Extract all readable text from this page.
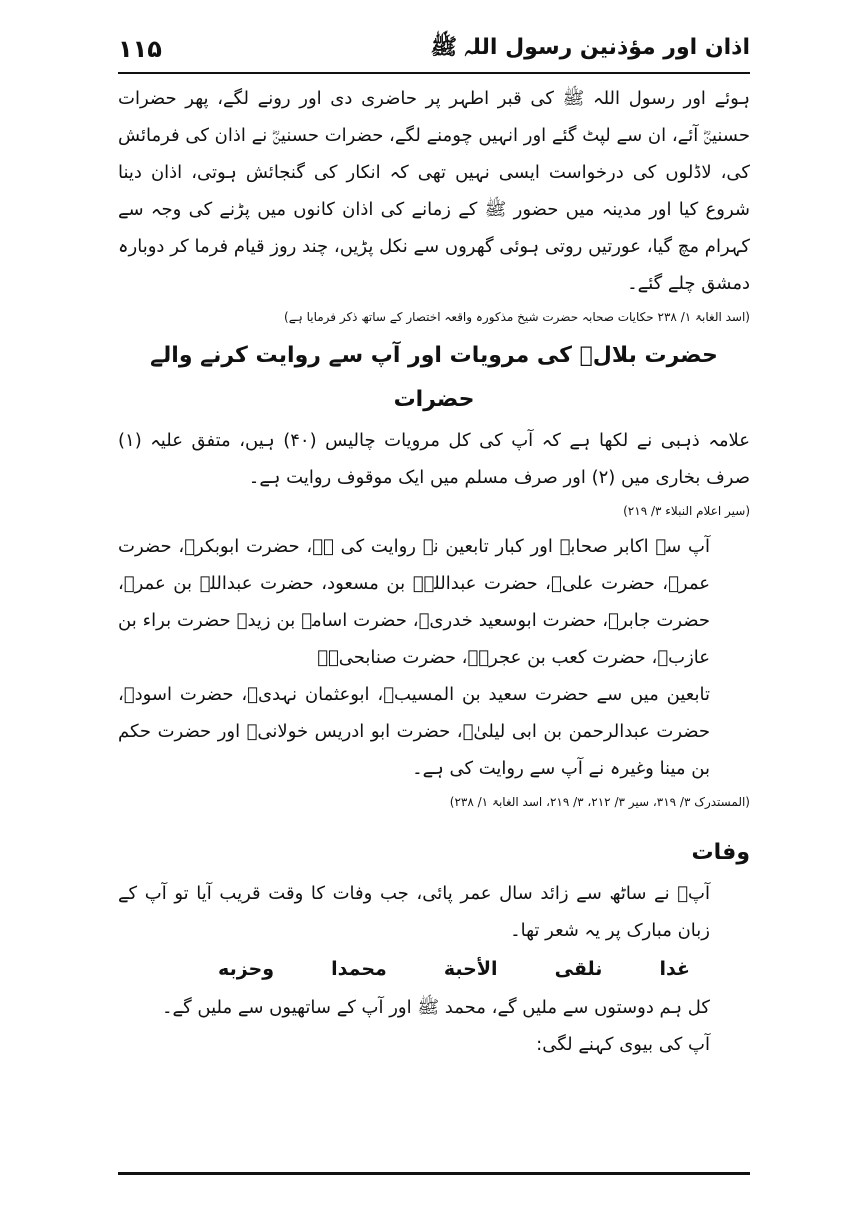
اذان اور مؤذنین رسول اللہ ﷺ
۱۱۵

ہوئے اور رسول اللہ ﷺ کی قبر اطہر پر حاضری دی اور رونے لگے، پھر حضرات حسنینؓ آئے، ان سے لپٹ گئے اور انہیں چومنے لگے، حضرات حسنینؓ نے اذان کی فرمائش کی، لاڈلوں کی درخواست ایسی نہیں تھی کہ انکار کی گنجائش ہوتی، اذان دینا شروع کیا اور مدینہ میں حضور ﷺ کے زمانے کی اذان کانوں میں پڑنے کی وجہ سے کہرام مچ گیا، عورتیں روتی ہوئی گھروں سے نکل پڑیں، چند روز قیام فرما کر دوبارہ دمشق چلے گئے۔

(اسد الغابۃ ۱/ ۲۳۸ حکایات صحابہ حضرت شیخ مذکورہ واقعہ اختصار کے ساتھ ذکر فرمایا ہے)

حضرت بلالؓ کی مرویات اور آپ سے روایت کرنے والے حضرات

علامہ ذہبی نے لکھا ہے کہ آپ کی کل مرویات چالیس (۴۰) ہیں، متفق علیہ (۱) صرف بخاری میں (۲) اور صرف مسلم میں ایک موقوف روایت ہے۔

(سیر اعلام النبلاء ۳/ ۲۱۹)

آپ سے اکابر صحابہ اور کبار تابعین نے روایت کی ہے، حضرت ابوبکرؓ، حضرت عمرؓ، حضرت علیؓ، حضرت عبداللہؓ بن مسعود، حضرت عبداللہ بن عمرؓ، حضرت جابرؓ، حضرت ابوسعید خدریؓ، حضرت اسامہ بن زیدؓ حضرت براء بن عازبؓ، حضرت کعب بن عجرۃؓ، حضرت صنابحیؓ۔

تابعین میں سے حضرت سعید بن المسیبؒ، ابوعثمان نہدیؒ، حضرت اسودؒ، حضرت عبدالرحمن بن ابی لیلیٰؒ، حضرت ابو ادریس خولانیؒ اور حضرت حکم بن مینا وغیرہ نے آپ سے روایت کی ہے۔

(المستدرک ۳/ ۳۱۹، سیر ۳/ ۲۱۲، ۳/ ۲۱۹، اسد الغابۃ ۱/ ۲۳۸)

وفات

آپؓ نے ساٹھ سے زائد سال عمر پائی، جب وفات کا وقت قریب آیا تو آپ کے زبان مبارک پر یہ شعر تھا۔

غدا
نلقى
الأحبة
محمدا
وحزبه

کل ہم دوستوں سے ملیں گے، محمد ﷺ اور آپ کے ساتھیوں سے ملیں گے۔

آپ کی بیوی کہنے لگی:
